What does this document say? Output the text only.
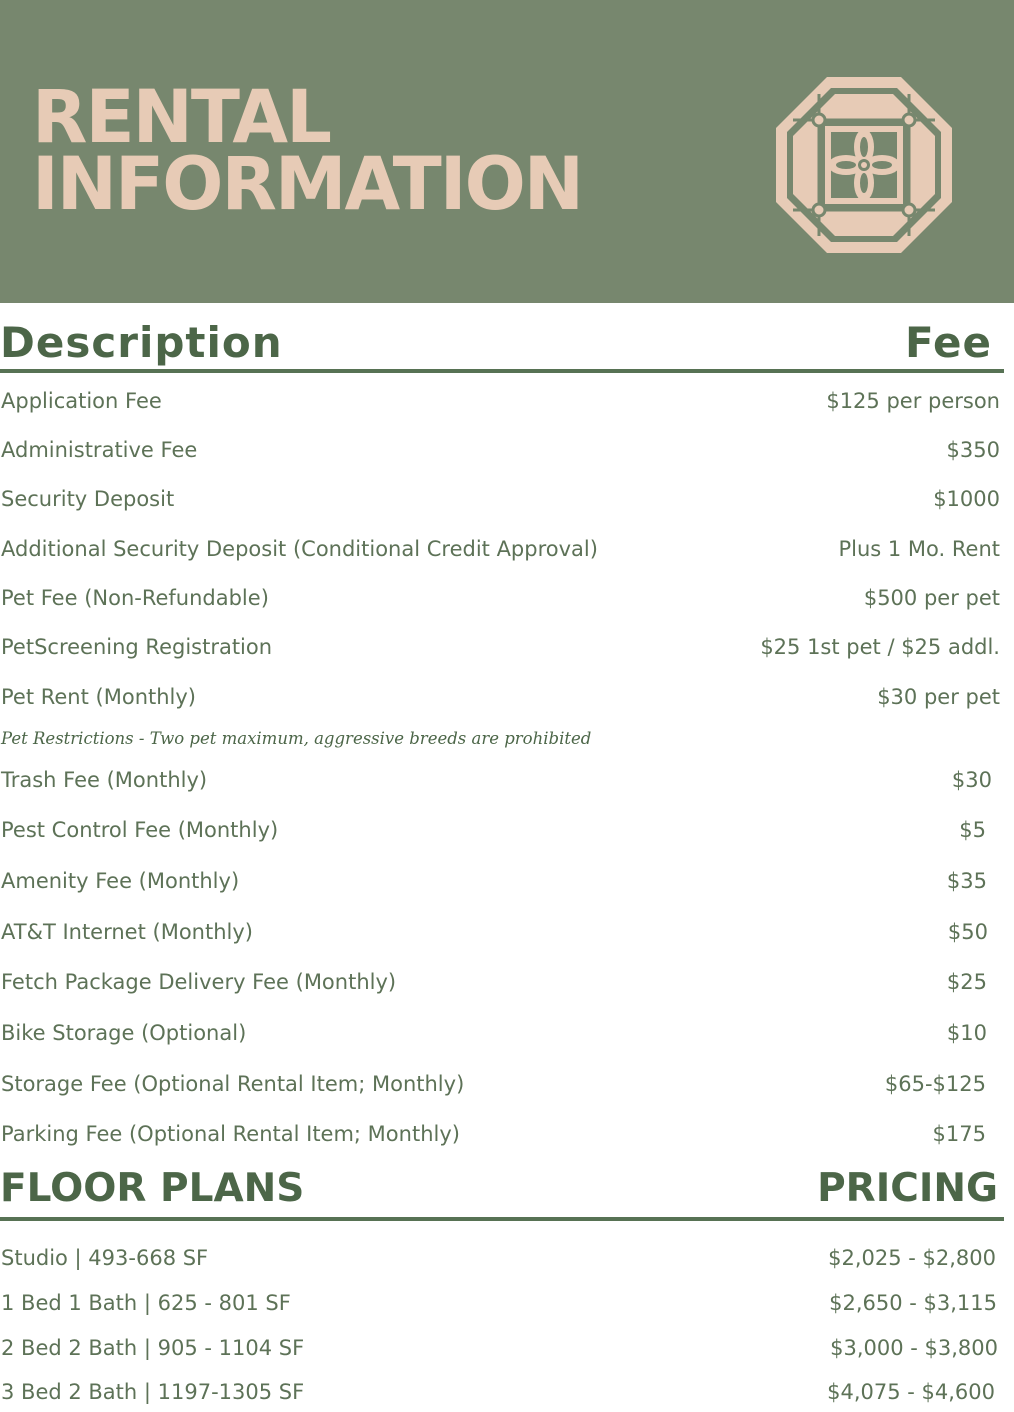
RENTAL
INFORMATION
Description	Fee
Application Fee	$125 per person
Administrative Fee	$350
Security Deposit	$1000
Additional Security Deposit (Conditional Credit Approval)	Plus 1 Mo. Rent
Pet Fee (Non-Refundable)	$500 per pet
PetScreening Registration	$25 1st pet / $25 addl.
Pet Rent (Monthly)	$30 per pet
Pet Restrictions - Two pet maximum, aggressive breeds are prohibited
Trash Fee (Monthly)	$30
Pest Control Fee (Monthly)	$5
Amenity Fee (Monthly)	$35
AT&T Internet (Monthly)	$50
Fetch Package Delivery Fee (Monthly)	$25
Bike Storage (Optional)	$10
Storage Fee (Optional Rental Item; Monthly)	$65-$125
Parking Fee (Optional Rental Item; Monthly)	$175
FLOOR PLANS	PRICING
Studio | 493-668 SF	$2,025 - $2,800
1 Bed 1 Bath | 625 - 801 SF	$2,650 - $3,115
2 Bed 2 Bath | 905 - 1104 SF	$3,000 - $3,800
3 Bed 2 Bath | 1197-1305 SF	$4,075 - $4,600
